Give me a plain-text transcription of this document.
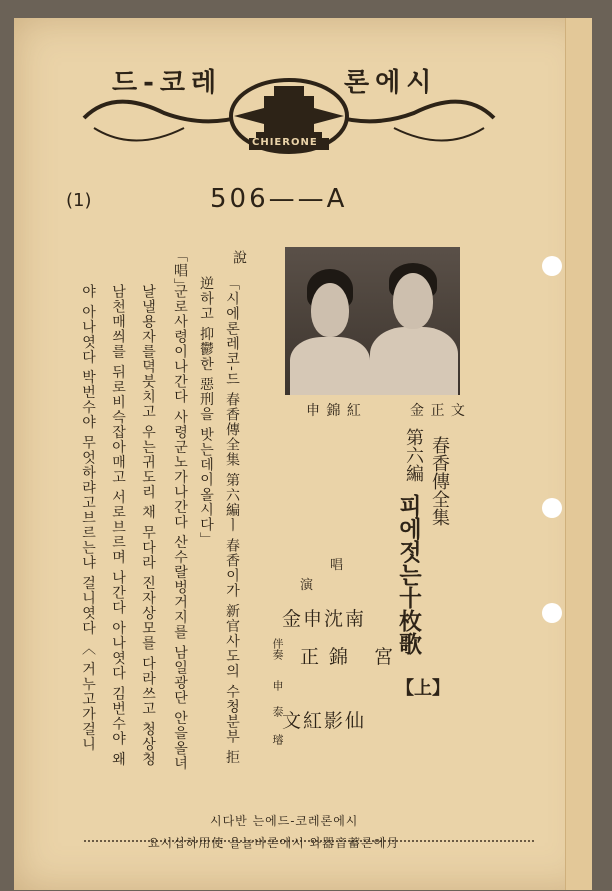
드-코레	론에시
CHIERONE
(1)	506——A
金 正 文
申 錦 紅
春香傳全集
第六編
피에젓는十枚歌
【上】
唱
演
金申沈南
正錦 宮
文紅影仙
伴奏
申
泰
璿
說
「시에론레코-드 春香傳全集 第六編ㅣ 春香이가 新官사도의 수청분부 拒
逆하고 抑鬱한 惡刑을 밧는데이올시다」
「唱」
군로사령이나간다 사령군노가나간다 산수랄벙거지를 남일광단 안을올녀
날낼용자를뎍붓치고 우는귀도리 채 무다라 진자상모를 다라쓰고 청상청
남천매씌를 뒤로비슥잡아매고 서로브르며 나간다 아나엿다 김번수야 왜
야 아나엿다 박번수야 무엇하랴고브르는냐 걸니엿다 〈 거누고가걸니
시다반 는에드-코레론에시
요시십하用使 을늘바론에시 와器音蓄론에月
